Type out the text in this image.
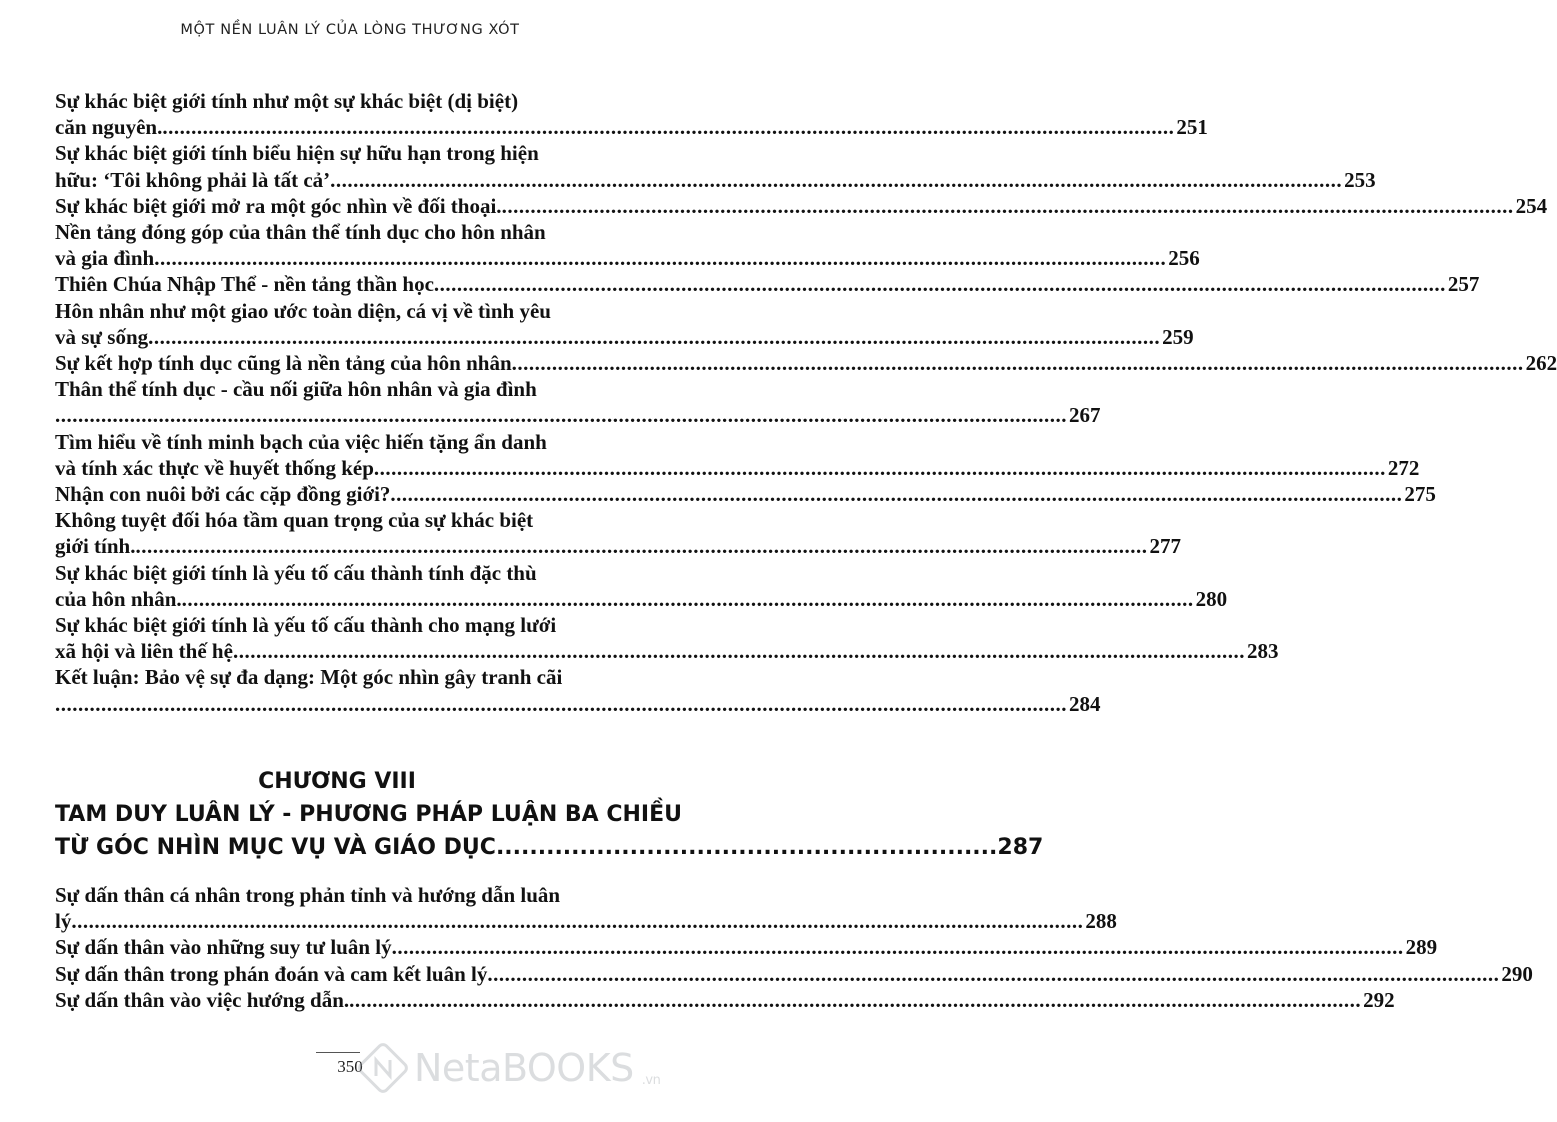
MỘT NỀN LUÂN LÝ CỦA LÒNG THƯƠNG XÓT
Sự khác biệt giới tính như một sự khác biệt (dị biệt)
căn nguyên. .....	251
Sự khác biệt giới tính biểu hiện sự hữu hạn trong hiện
hữu: ‘Tôi không phải là tất cả’ .....	253
Sự khác biệt giới mở ra một góc nhìn về đối thoại. .....	254
Nền tảng đóng góp của thân thể tính dục cho hôn nhân
và gia đình .....	256
Thiên Chúa Nhập Thể - nền tảng thần học .....	257
Hôn nhân như một giao ước toàn diện, cá vị về tình yêu
và sự sống .....	259
Sự kết hợp tính dục cũng là nền tảng của hôn nhân .....	262
Thân thể tính dục - cầu nối giữa hôn nhân và gia đình
..... 267
Tìm hiểu về tính minh bạch của việc hiến tặng ẩn danh
và tính xác thực về huyết thống kép .....	272
Nhận con nuôi bởi các cặp đồng giới? .....	275
Không tuyệt đối hóa tầm quan trọng của sự khác biệt
giới tính. .....	277
Sự khác biệt giới tính là yếu tố cấu thành tính đặc thù
của hôn nhân. .....	280
Sự khác biệt giới tính là yếu tố cấu thành cho mạng lưới
xã hội và liên thế hệ .....	283
Kết luận: Bảo vệ sự đa dạng: Một góc nhìn gây tranh cãi
..... 284
CHƯƠNG VIII
TAM DUY LUÂN LÝ - PHƯƠNG PHÁP LUẬN BA CHIỀU
TỪ GÓC NHÌN MỤC VỤ VÀ GIÁO DỤC ............................................................ 287
Sự dấn thân cá nhân trong phản tỉnh và hướng dẫn luân
lý .....	288
Sự dấn thân vào những suy tư luân lý .....	289
Sự dấn thân trong phán đoán và cam kết luân lý .....	290
Sự dấn thân vào việc hướng dẫn. .....	292
350	NetaBOOKS .vn
